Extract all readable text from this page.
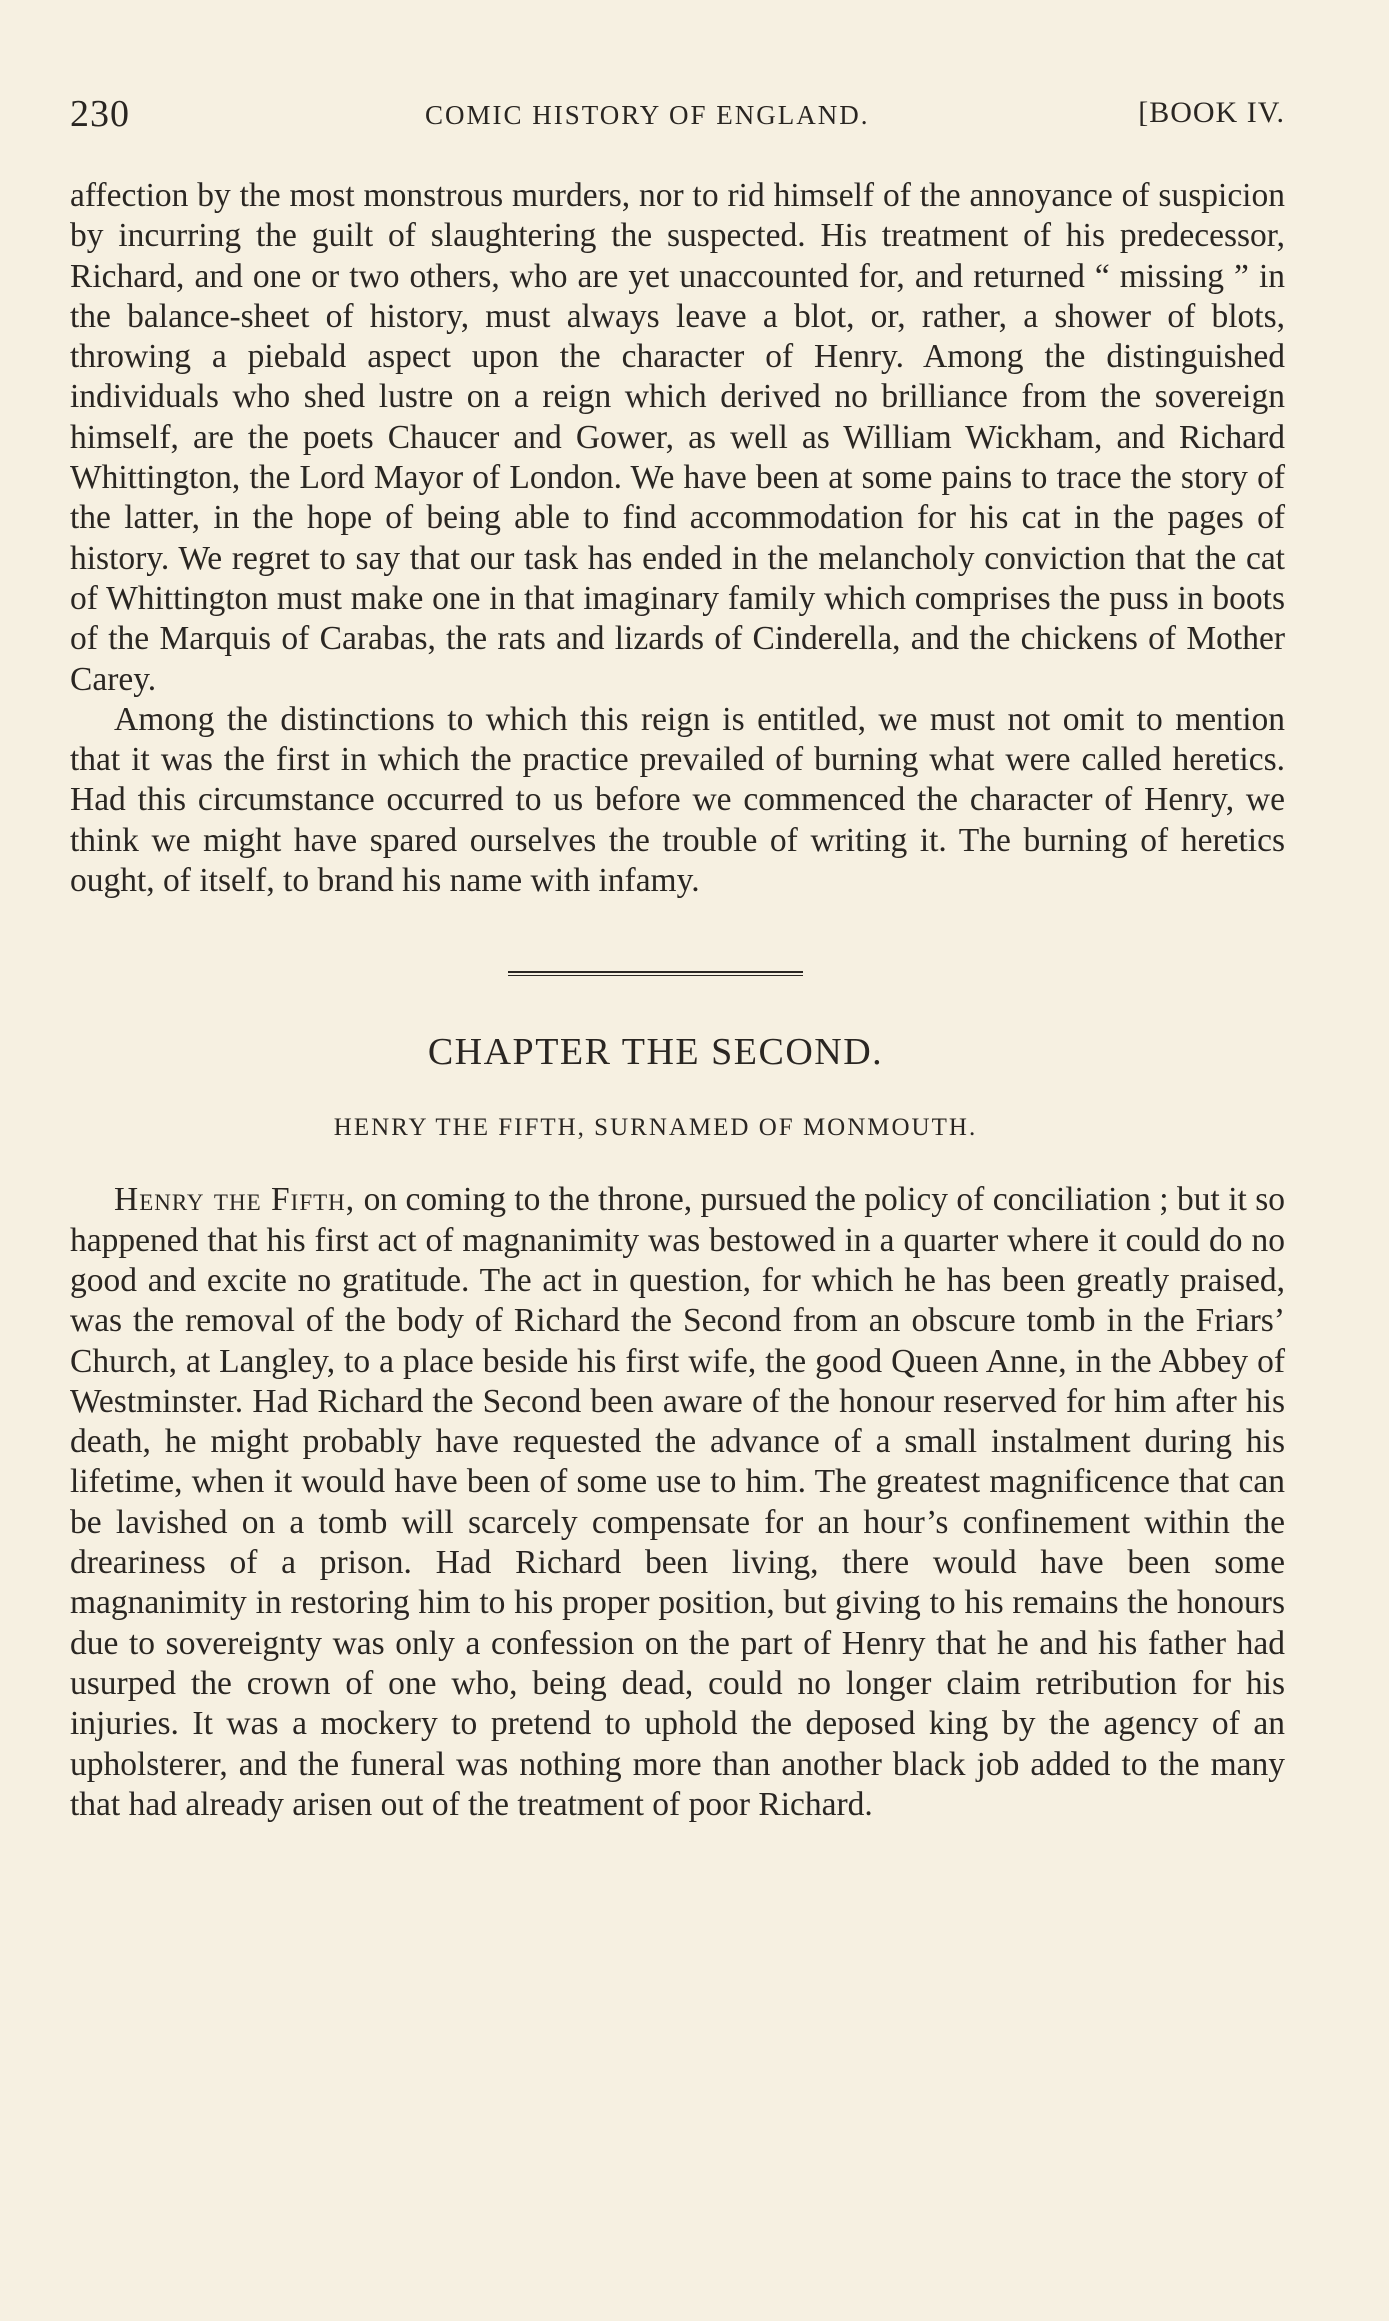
230	COMIC HISTORY OF ENGLAND.	[BOOK IV.

affection by the most monstrous murders, nor to rid himself of the annoyance of suspicion by incurring the guilt of slaughtering the suspected. His treatment of his predecessor, Richard, and one or two others, who are yet unaccounted for, and returned “ missing ” in the balance-sheet of history, must always leave a blot, or, rather, a shower of blots, throwing a piebald aspect upon the character of Henry. Among the distinguished individuals who shed lustre on a reign which derived no brilliance from the sovereign himself, are the poets Chaucer and Gower, as well as William Wickham, and Richard Whittington, the Lord Mayor of London. We have been at some pains to trace the story of the latter, in the hope of being able to find accommodation for his cat in the pages of history. We regret to say that our task has ended in the melancholy conviction that the cat of Whittington must make one in that imaginary family which comprises the puss in boots of the Marquis of Carabas, the rats and lizards of Cinderella, and the chickens of Mother Carey.

Among the distinctions to which this reign is entitled, we must not omit to mention that it was the first in which the practice prevailed of burning what were called heretics. Had this circumstance occurred to us before we commenced the character of Henry, we think we might have spared ourselves the trouble of writing it. The burning of heretics ought, of itself, to brand his name with infamy.

CHAPTER THE SECOND.
HENRY THE FIFTH, SURNAMED OF MONMOUTH.

Henry the Fifth, on coming to the throne, pursued the policy of conciliation ; but it so happened that his first act of magnanimity was bestowed in a quarter where it could do no good and excite no gratitude. The act in question, for which he has been greatly praised, was the removal of the body of Richard the Second from an obscure tomb in the Friars’ Church, at Langley, to a place beside his first wife, the good Queen Anne, in the Abbey of Westminster. Had Richard the Second been aware of the honour reserved for him after his death, he might probably have requested the advance of a small instalment during his lifetime, when it would have been of some use to him. The greatest magnificence that can be lavished on a tomb will scarcely compensate for an hour’s confinement within the dreariness of a prison. Had Richard been living, there would have been some magnanimity in restoring him to his proper position, but giving to his remains the honours due to sovereignty was only a confession on the part of Henry that he and his father had usurped the crown of one who, being dead, could no longer claim retribution for his injuries. It was a mockery to pretend to uphold the deposed king by the agency of an upholsterer, and the funeral was nothing more than another black job added to the many that had already arisen out of the treatment of poor Richard.
